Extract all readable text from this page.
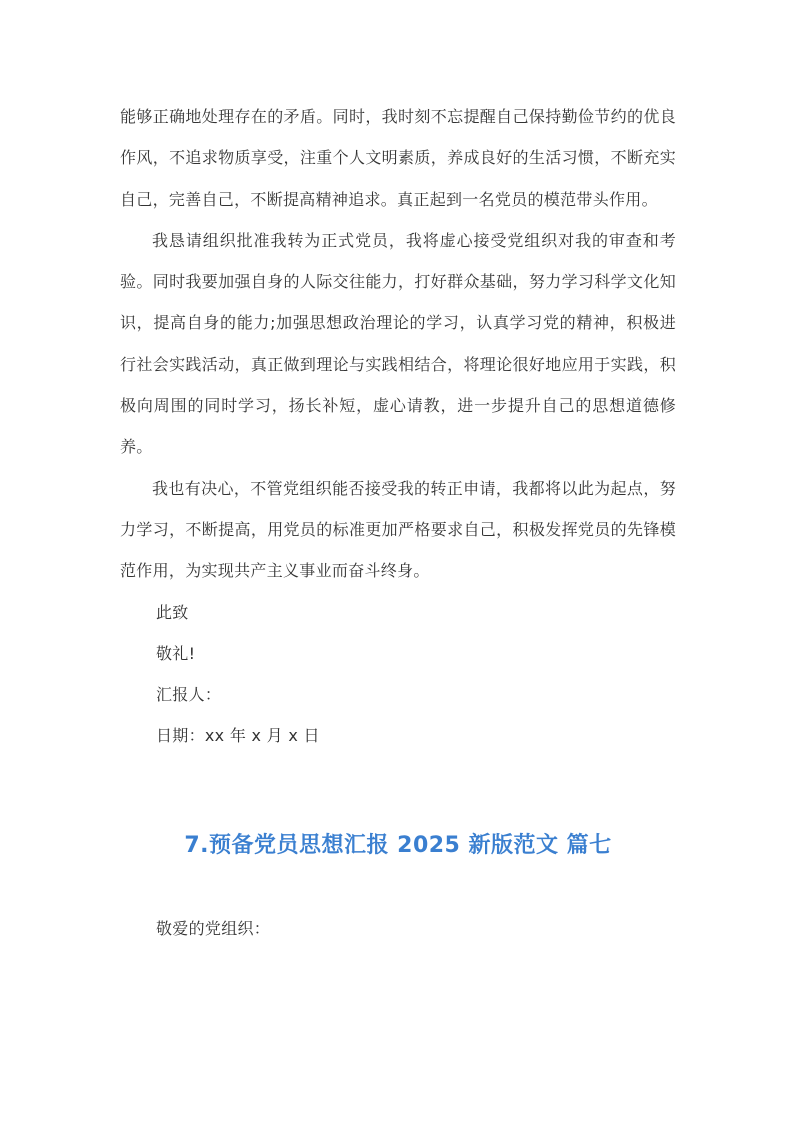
能够正确地处理存在的矛盾。同时，我时刻不忘提醒自己保持勤俭节约的优良作风，不追求物质享受，注重个人文明素质，养成良好的生活习惯，不断充实自己，完善自己，不断提高精神追求。真正起到一名党员的模范带头作用。

我恳请组织批准我转为正式党员，我将虚心接受党组织对我的审查和考验。同时我要加强自身的人际交往能力，打好群众基础，努力学习科学文化知识，提高自身的能力;加强思想政治理论的学习，认真学习党的精神，积极进行社会实践活动，真正做到理论与实践相结合，将理论很好地应用于实践，积极向周围的同时学习，扬长补短，虚心请教，进一步提升自己的思想道德修养。

我也有决心，不管党组织能否接受我的转正申请，我都将以此为起点，努力学习，不断提高，用党员的标准更加严格要求自己，积极发挥党员的先锋模范作用，为实现共产主义事业而奋斗终身。

此致

敬礼!

汇报人：

日期：xx 年 x 月 x 日

7.预备党员思想汇报 2025 新版范文 篇七

敬爱的党组织：
